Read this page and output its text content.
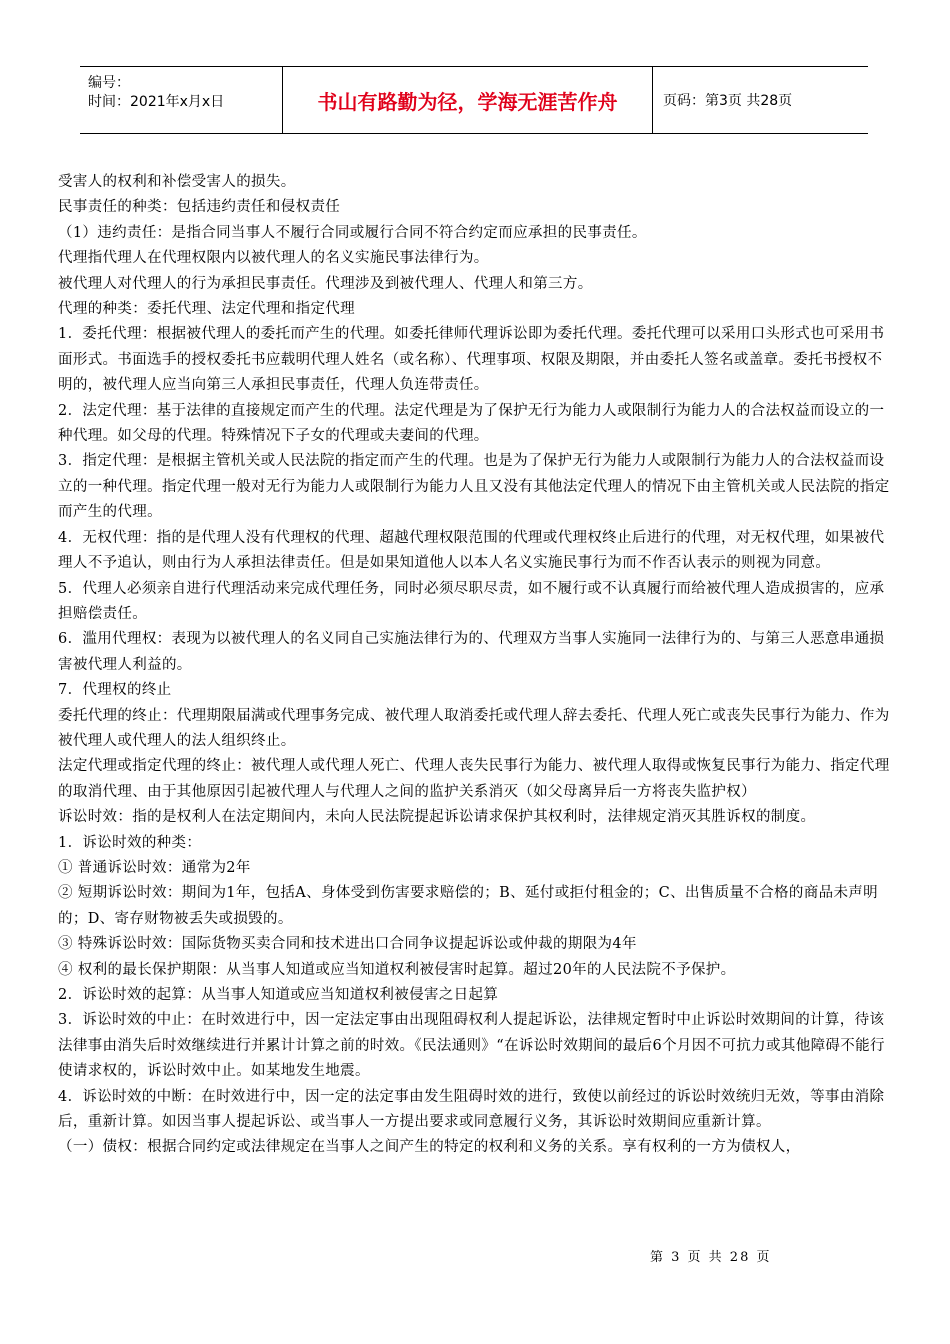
编号：
时间：2021年x月x日	书山有路勤为径，学海无涯苦作舟	页码：第3页 共28页

受害人的权利和补偿受害人的损失。

民事责任的种类：包括违约责任和侵权责任

（1）违约责任：是指合同当事人不履行合同或履行合同不符合约定而应承担的民事责任。

代理指代理人在代理权限内以被代理人的名义实施民事法律行为。

被代理人对代理人的行为承担民事责任。代理涉及到被代理人、代理人和第三方。

代理的种类：委托代理、法定代理和指定代理

1．委托代理：根据被代理人的委托而产生的代理。如委托律师代理诉讼即为委托代理。委托代理可以采用口头形式也可采用书面形式。书面选手的授权委托书应载明代理人姓名（或名称）、代理事项、权限及期限，并由委托人签名或盖章。委托书授权不明的，被代理人应当向第三人承担民事责任，代理人负连带责任。

2．法定代理：基于法律的直接规定而产生的代理。法定代理是为了保护无行为能力人或限制行为能力人的合法权益而设立的一种代理。如父母的代理。特殊情况下子女的代理或夫妻间的代理。

3．指定代理：是根据主管机关或人民法院的指定而产生的代理。也是为了保护无行为能力人或限制行为能力人的合法权益而设立的一种代理。指定代理一般对无行为能力人或限制行为能力人且又没有其他法定代理人的情况下由主管机关或人民法院的指定而产生的代理。

4．无权代理：指的是代理人没有代理权的代理、超越代理权限范围的代理或代理权终止后进行的代理，对无权代理，如果被代理人不予追认，则由行为人承担法律责任。但是如果知道他人以本人名义实施民事行为而不作否认表示的则视为同意。

5．代理人必须亲自进行代理活动来完成代理任务，同时必须尽职尽责，如不履行或不认真履行而给被代理人造成损害的，应承担赔偿责任。

6．滥用代理权：表现为以被代理人的名义同自己实施法律行为的、代理双方当事人实施同一法律行为的、与第三人恶意串通损害被代理人利益的。

7．代理权的终止

委托代理的终止：代理期限届满或代理事务完成、被代理人取消委托或代理人辞去委托、代理人死亡或丧失民事行为能力、作为被代理人或代理人的法人组织终止。

法定代理或指定代理的终止：被代理人或代理人死亡、代理人丧失民事行为能力、被代理人取得或恢复民事行为能力、指定代理的取消代理、由于其他原因引起被代理人与代理人之间的监护关系消灭（如父母离异后一方将丧失监护权）

诉讼时效：指的是权利人在法定期间内，未向人民法院提起诉讼请求保护其权利时，法律规定消灭其胜诉权的制度。

1．诉讼时效的种类：

① 普通诉讼时效：通常为2年

② 短期诉讼时效：期间为1年，包括A、身体受到伤害要求赔偿的；B、延付或拒付租金的；C、出售质量不合格的商品未声明的；D、寄存财物被丢失或损毁的。

③ 特殊诉讼时效：国际货物买卖合同和技术进出口合同争议提起诉讼或仲裁的期限为4年

④ 权利的最长保护期限：从当事人知道或应当知道权利被侵害时起算。超过20年的人民法院不予保护。

2．诉讼时效的起算：从当事人知道或应当知道权利被侵害之日起算

3．诉讼时效的中止：在时效进行中，因一定法定事由出现阻碍权利人提起诉讼，法律规定暂时中止诉讼时效期间的计算，待该法律事由消失后时效继续进行并累计计算之前的时效。《民法通则》“在诉讼时效期间的最后6个月因不可抗力或其他障碍不能行使请求权的，诉讼时效中止。如某地发生地震。

4．诉讼时效的中断：在时效进行中，因一定的法定事由发生阻碍时效的进行，致使以前经过的诉讼时效统归无效，等事由消除后，重新计算。如因当事人提起诉讼、或当事人一方提出要求或同意履行义务，其诉讼时效期间应重新计算。

（一）债权：根据合同约定或法律规定在当事人之间产生的特定的权利和义务的关系。享有权利的一方为债权人，

第 3 页 共 28 页
